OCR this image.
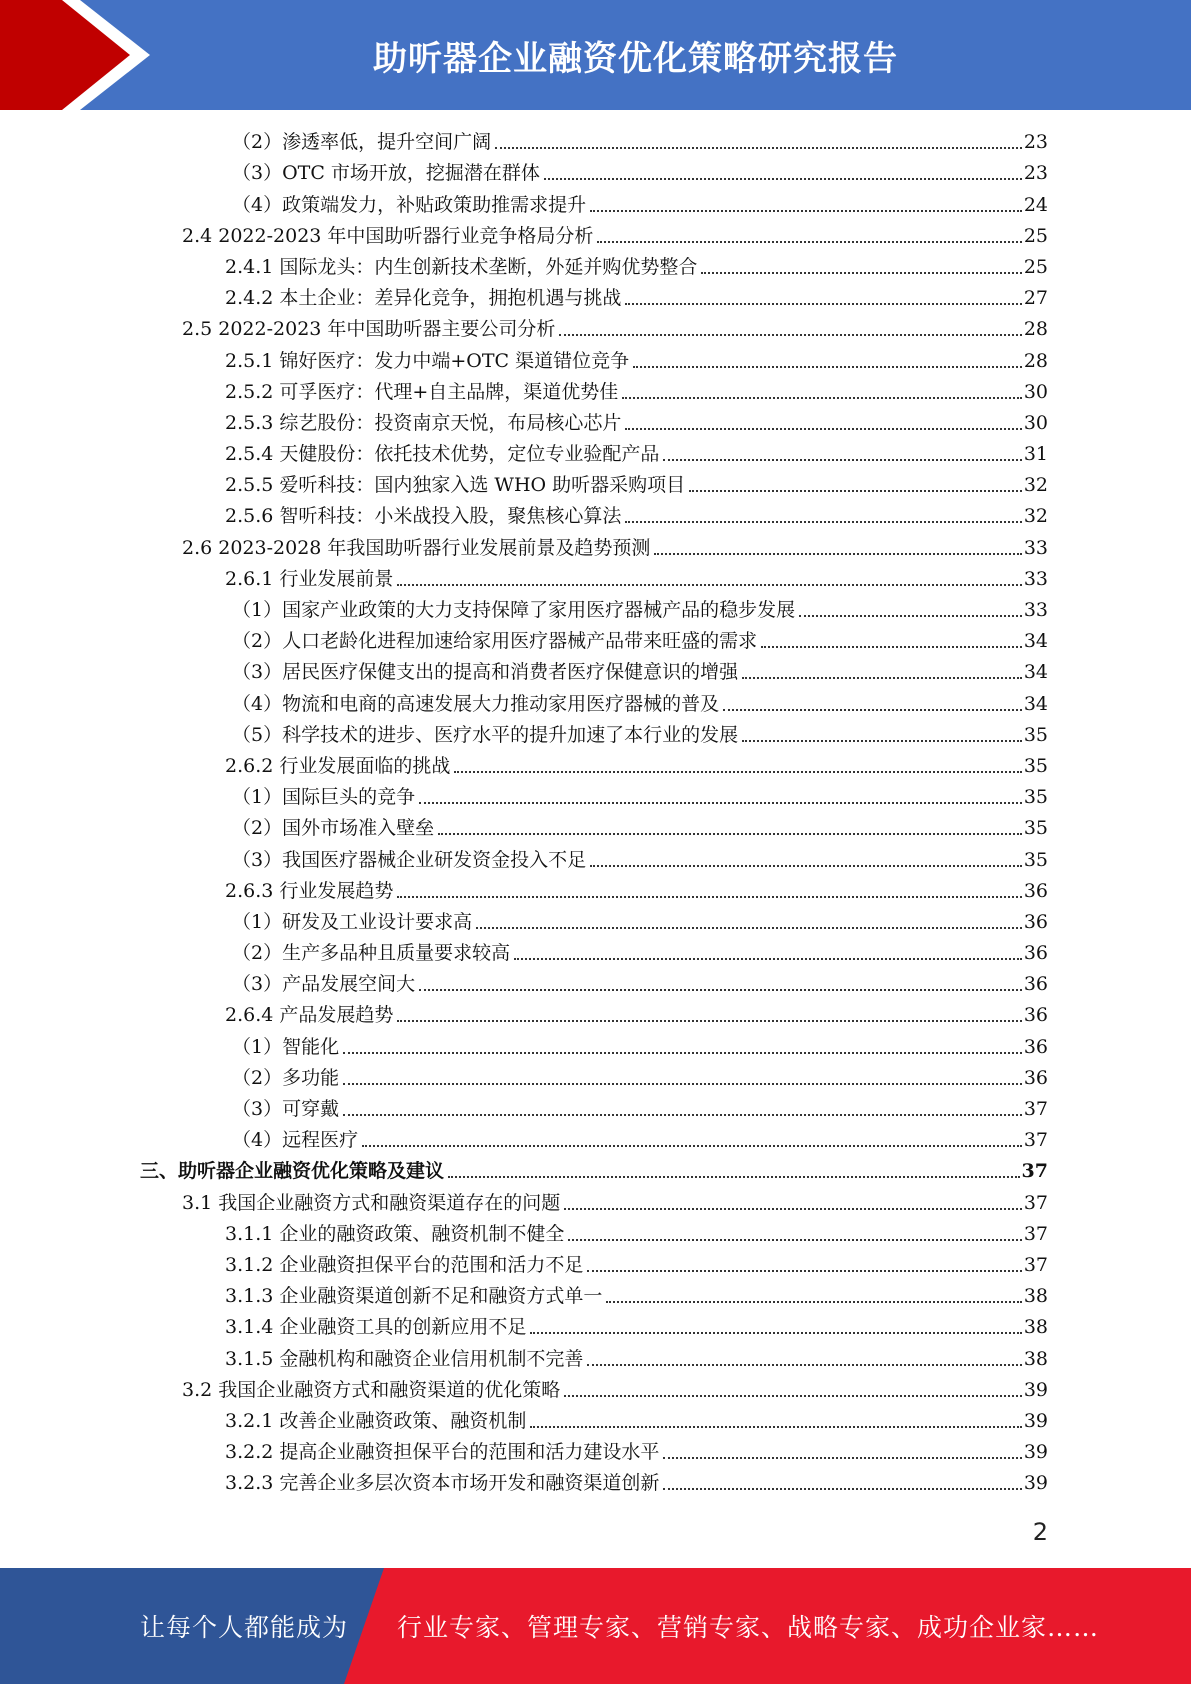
助听器企业融资优化策略研究报告
（2）渗透率低，提升空间广阔	23
（3）OTC 市场开放，挖掘潜在群体	23
（4）政策端发力，补贴政策助推需求提升	24
2.4 2022-2023 年中国助听器行业竞争格局分析	25
2.4.1 国际龙头：内生创新技术垄断，外延并购优势整合	25
2.4.2 本土企业：差异化竞争，拥抱机遇与挑战	27
2.5 2022-2023 年中国助听器主要公司分析	28
2.5.1 锦好医疗：发力中端+OTC 渠道错位竞争	28
2.5.2 可孚医疗：代理+自主品牌，渠道优势佳	30
2.5.3 综艺股份：投资南京天悦，布局核心芯片	30
2.5.4 天健股份：依托技术优势，定位专业验配产品	31
2.5.5 爱听科技：国内独家入选 WHO 助听器采购项目	32
2.5.6 智听科技：小米战投入股，聚焦核心算法	32
2.6 2023-2028 年我国助听器行业发展前景及趋势预测	33
2.6.1 行业发展前景	33
（1）国家产业政策的大力支持保障了家用医疗器械产品的稳步发展	33
（2）人口老龄化进程加速给家用医疗器械产品带来旺盛的需求	34
（3）居民医疗保健支出的提高和消费者医疗保健意识的增强	34
（4）物流和电商的高速发展大力推动家用医疗器械的普及	34
（5）科学技术的进步、医疗水平的提升加速了本行业的发展	35
2.6.2 行业发展面临的挑战	35
（1）国际巨头的竞争	35
（2）国外市场准入壁垒	35
（3）我国医疗器械企业研发资金投入不足	35
2.6.3 行业发展趋势	36
（1）研发及工业设计要求高	36
（2）生产多品种且质量要求较高	36
（3）产品发展空间大	36
2.6.4 产品发展趋势	36
（1）智能化	36
（2）多功能	36
（3）可穿戴	37
（4）远程医疗	37
三、助听器企业融资优化策略及建议	37
3.1 我国企业融资方式和融资渠道存在的问题	37
3.1.1 企业的融资政策、融资机制不健全	37
3.1.2 企业融资担保平台的范围和活力不足	37
3.1.3 企业融资渠道创新不足和融资方式单一	38
3.1.4 企业融资工具的创新应用不足	38
3.1.5 金融机构和融资企业信用机制不完善	38
3.2 我国企业融资方式和融资渠道的优化策略	39
3.2.1 改善企业融资政策、融资机制	39
3.2.2 提高企业融资担保平台的范围和活力建设水平	39
3.2.3 完善企业多层次资本市场开发和融资渠道创新	39
2
让每个人都能成为 行业专家、管理专家、营销专家、战略专家、成功企业家……
